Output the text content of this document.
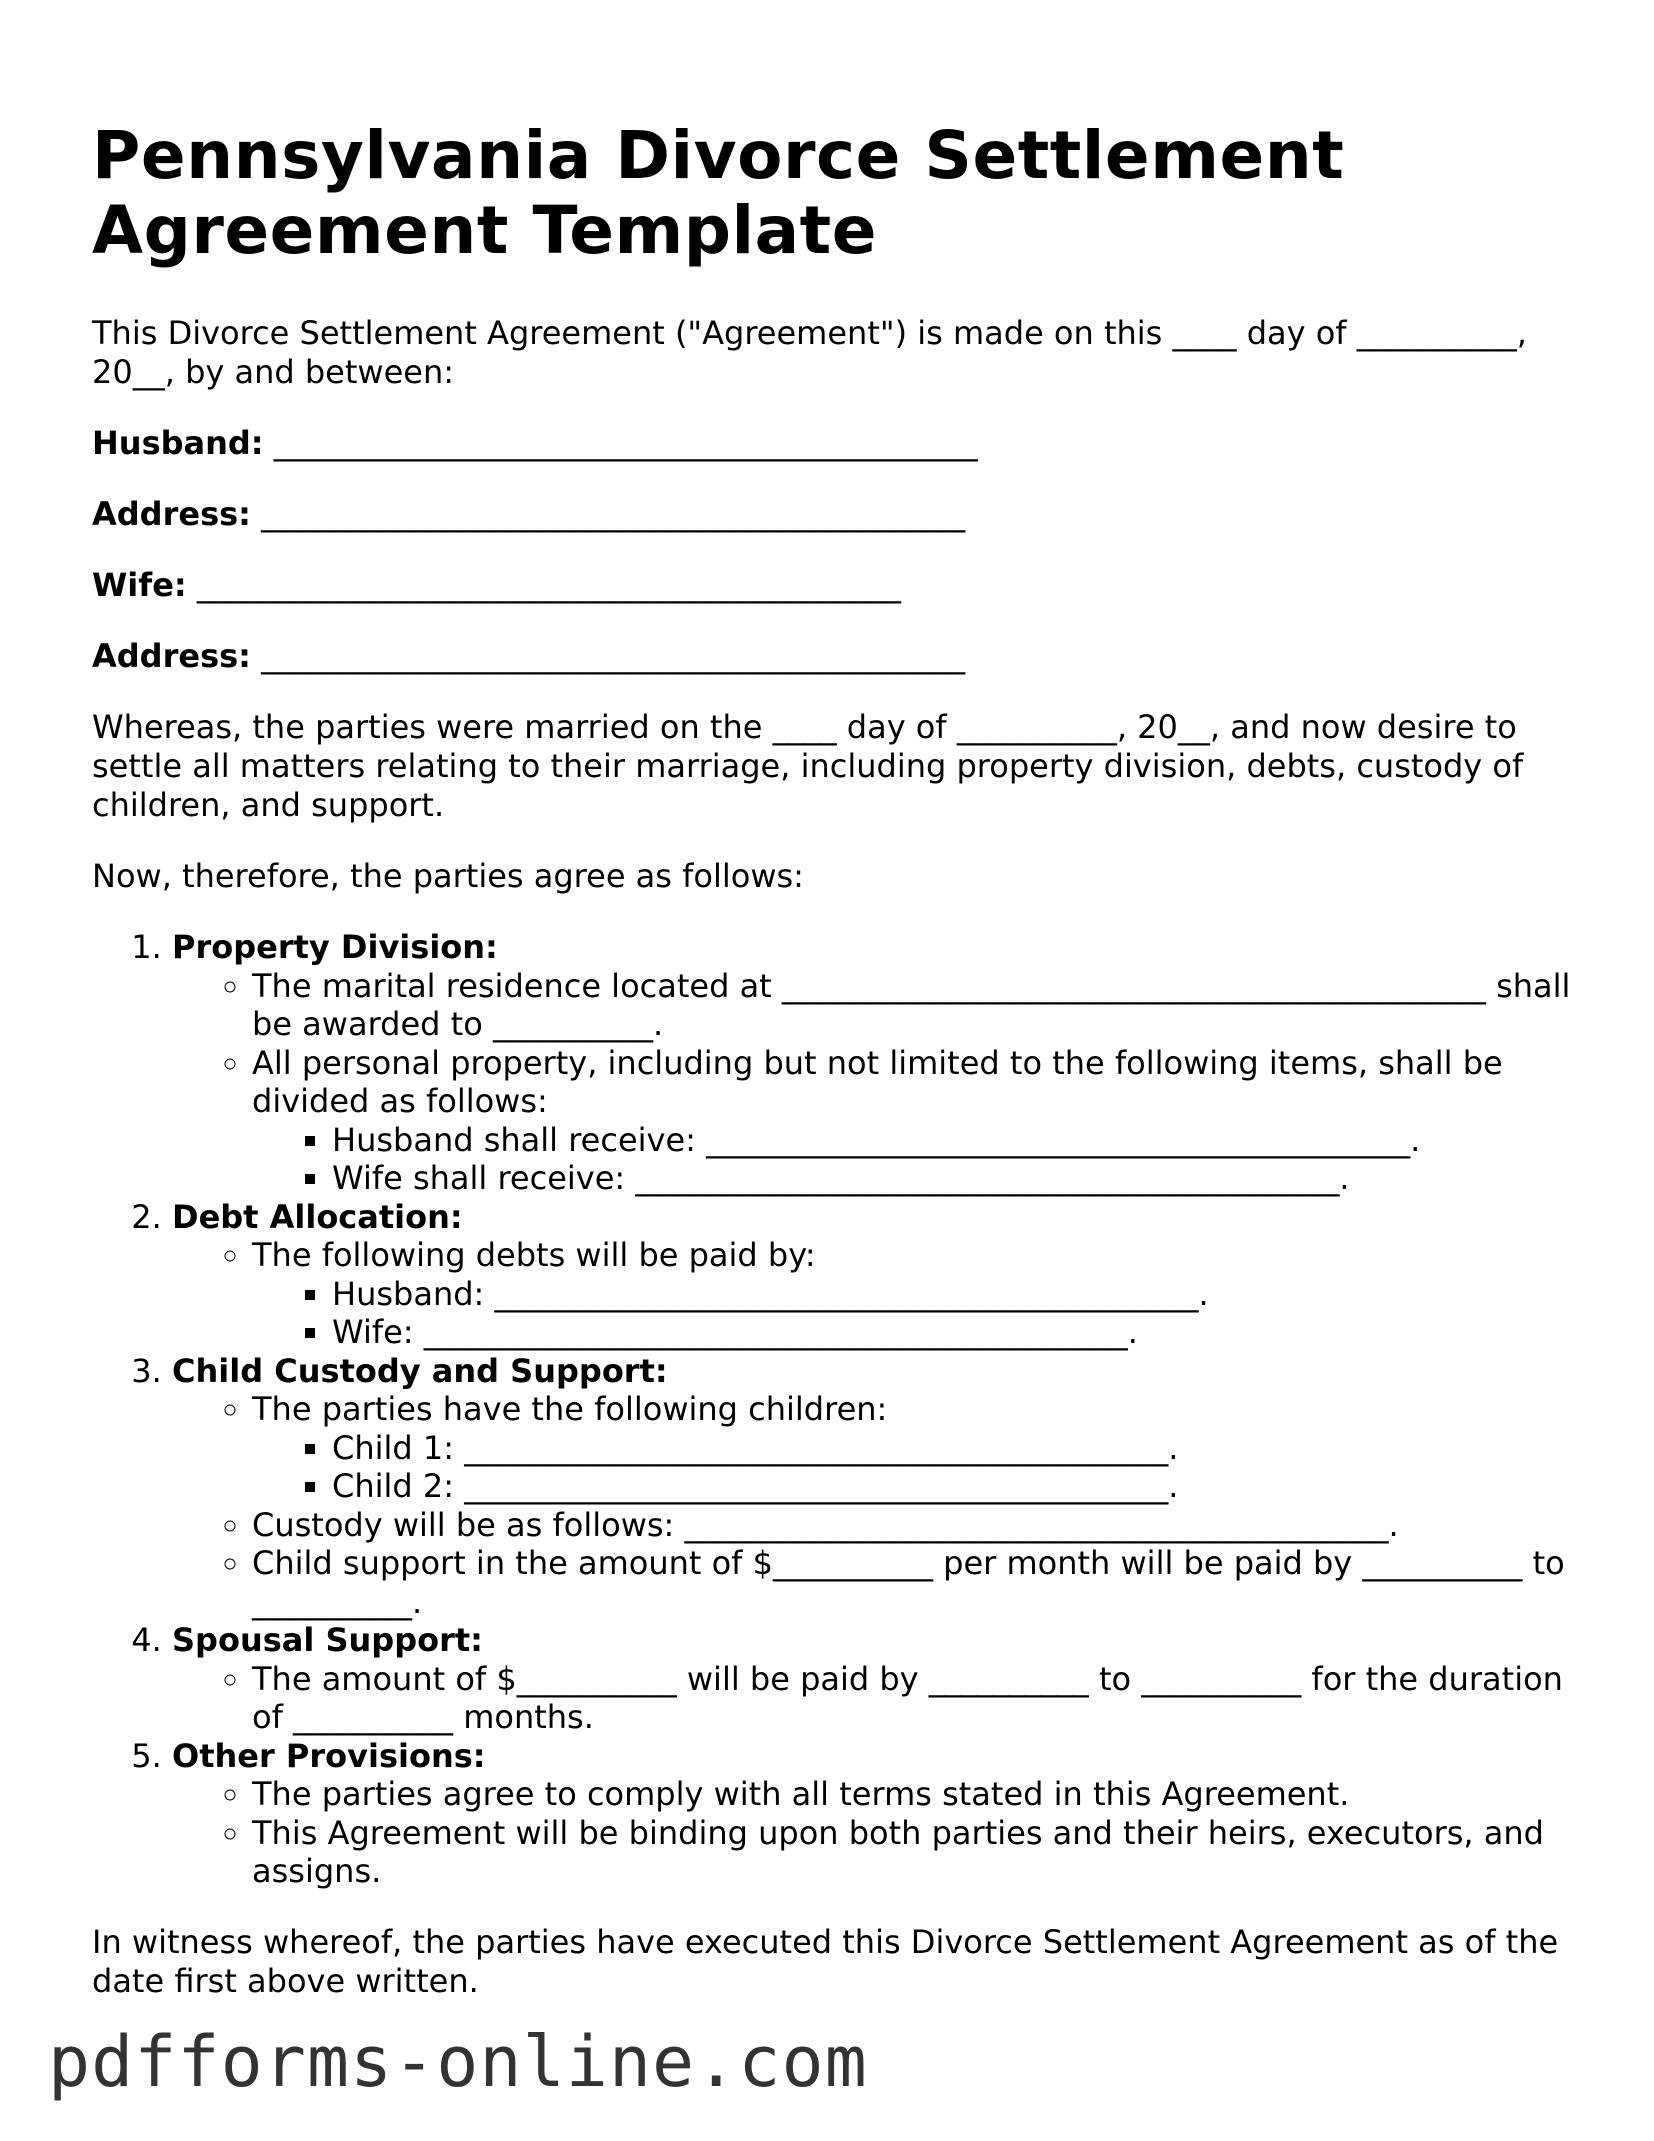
Pennsylvania Divorce Settlement Agreement Template

This Divorce Settlement Agreement ("Agreement") is made on this ____ day of __________, 20__, by and between:

Husband: ____________________________________________
Address: ____________________________________________
Wife: ____________________________________________
Address: ____________________________________________

Whereas, the parties were married on the ____ day of __________, 20__, and now desire to settle all matters relating to their marriage, including property division, debts, custody of children, and support.

Now, therefore, the parties agree as follows:

1. Property Division:
◦ The marital residence located at ____________________________________________ shall be awarded to __________.
◦ All personal property, including but not limited to the following items, shall be divided as follows:
▪ Husband shall receive: ____________________________________________.
▪ Wife shall receive: ____________________________________________.
2. Debt Allocation:
◦ The following debts will be paid by:
▪ Husband: ____________________________________________.
▪ Wife: ____________________________________________.
3. Child Custody and Support:
◦ The parties have the following children:
▪ Child 1: ____________________________________________.
▪ Child 2: ____________________________________________.
◦ Custody will be as follows: ____________________________________________.
◦ Child support in the amount of $__________ per month will be paid by __________ to __________.
4. Spousal Support:
◦ The amount of $__________ will be paid by __________ to __________ for the duration of __________ months.
5. Other Provisions:
◦ The parties agree to comply with all terms stated in this Agreement.
◦ This Agreement will be binding upon both parties and their heirs, executors, and assigns.

In witness whereof, the parties have executed this Divorce Settlement Agreement as of the date first above written.

pdfforms-online.com
